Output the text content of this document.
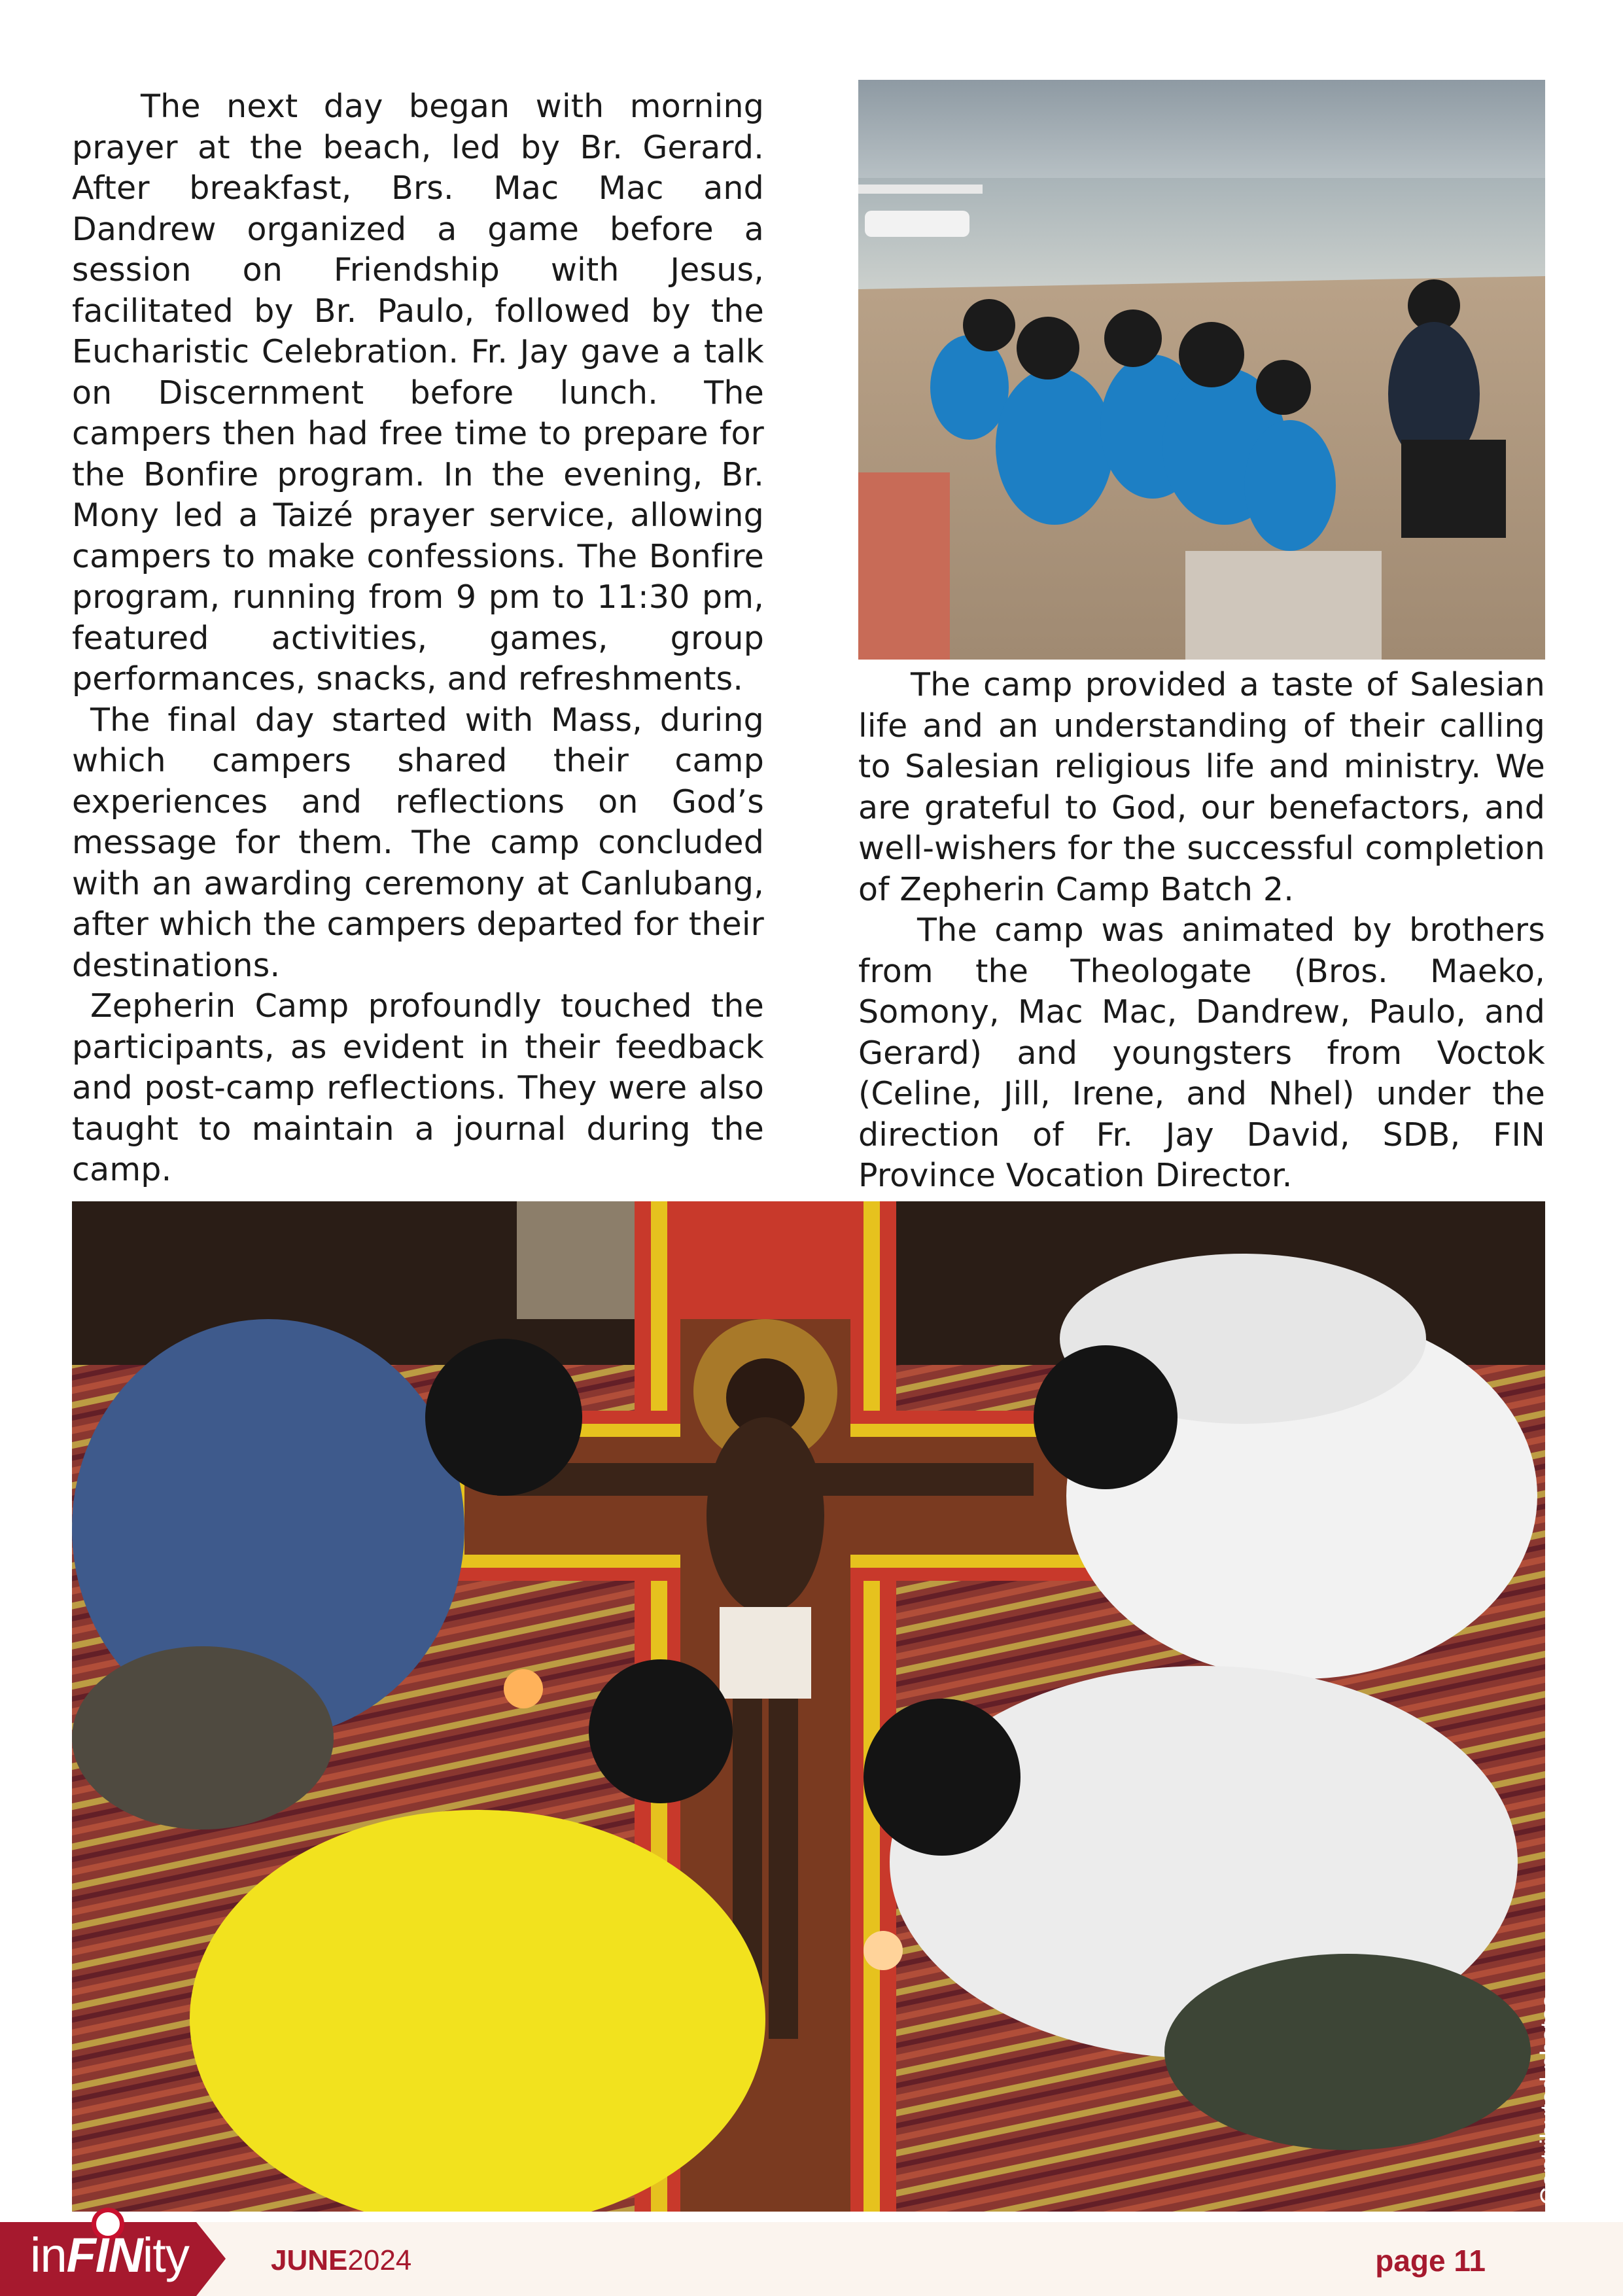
The next day began with morning prayer at the beach, led by Br. Gerard. After breakfast, Brs. Mac Mac and Dandrew organized a game before a session on Friendship with Jesus, facilitated by Br. Paulo, followed by the Eucharistic Celebration. Fr. Jay gave a talk on Discernment before lunch. The campers then had free time to prepare for the Bonfire program. In the evening, Br. Mony led a Taizé prayer service, allowing campers to make confessions. The Bonfire program, running from 9 pm to 11:30 pm, featured activities, games, group performances, snacks, and refreshments.

The final day started with Mass, during which campers shared their camp experiences and reflections on God’s message for them. The camp concluded with an awarding ceremony at Canlubang, after which the campers departed for their destinations.

Zepherin Camp profoundly touched the participants, as evident in their feedback and post-camp reflections. They were also taught to maintain a journal during the camp.

The camp provided a taste of Salesian life and an understanding of their calling to Salesian religious life and ministry. We are grateful to God, our benefactors, and well-wishers for the successful completion of Zepherin Camp Batch 2.

The camp was animated by brothers from the Theologate (Bros. Maeko, Somony, Mac Mac, Dandrew, Paulo, and Gerard) and youngsters from Voctok (Celine, Jill, Irene, and Nhel) under the direction of Fr. Jay David, SDB, FIN Province Vocation Director.

Contributed photos
inFINity	JUNE2024	page 11
